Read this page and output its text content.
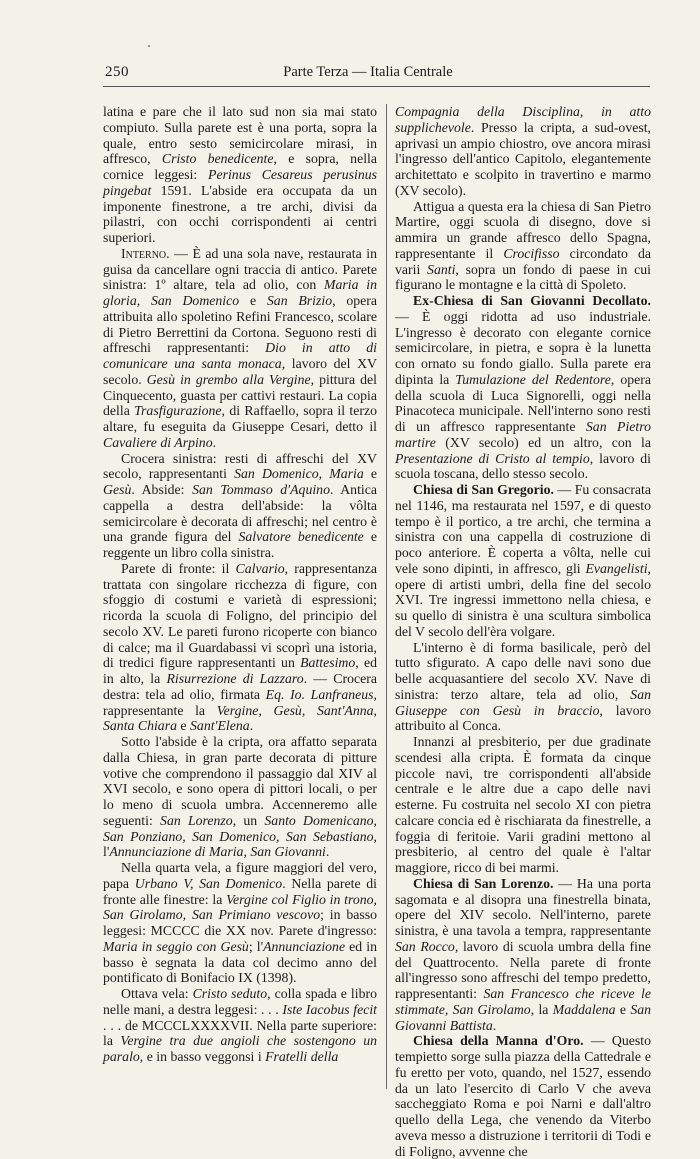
250	Parte Terza — Italia Centrale

latina e pare che il lato sud non sia mai stato compiuto. Sulla parete est è una porta, sopra la quale, entro sesto semicircolare mirasi, in affresco, Cristo benedicente, e sopra, nella cornice leggesi: Perinus Cesareus perusinus pingebat 1591. L'abside era occupata da un imponente finestrone, a tre archi, divisi da pilastri, con occhi corrispondenti ai centri superiori.

Interno. — È ad una sola nave, restaurata in guisa da cancellare ogni traccia di antico. Parete sinistra: 1º altare, tela ad olio, con Maria in gloria, San Domenico e San Brizio, opera attribuita allo spoletino Refini Francesco, scolare di Pietro Berrettini da Cortona. Seguono resti di affreschi rappresentanti: Dio in atto di comunicare una santa monaca, lavoro del XV secolo. Gesù in grembo alla Vergine, pittura del Cinquecento, guasta per cattivi restauri. La copia della Trasfigurazione, di Raffaello, sopra il terzo altare, fu eseguita da Giuseppe Cesari, detto il Cavaliere di Arpino.

Crocera sinistra: resti di affreschi del XV secolo, rappresentanti San Domenico, Maria e Gesù. Abside: San Tommaso d'Aquino. Antica cappella a destra dell'abside: la vôlta semicircolare è decorata di affreschi; nel centro è una grande figura del Salvatore benedicente e reggente un libro colla sinistra.

Parete di fronte: il Calvario, rappresentanza trattata con singolare ricchezza di figure, con sfoggio di costumi e varietà di espressioni; ricorda la scuola di Foligno, del principio del secolo XV. Le pareti furono ricoperte con bianco di calce; ma il Guardabassi vi scoprì una istoria, di tredici figure rappresentanti un Battesimo, ed in alto, la Risurrezione di Lazzaro. — Crocera destra: tela ad olio, firmata Eq. Io. Lanfraneus, rappresentante la Vergine, Gesù, Sant'Anna, Santa Chiara e Sant'Elena.

Sotto l'abside è la cripta, ora affatto separata dalla Chiesa, in gran parte decorata di pitture votive che comprendono il passaggio dal XIV al XVI secolo, e sono opera di pittori locali, o per lo meno di scuola umbra. Accenneremo alle seguenti: San Lorenzo, un Santo Domenicano, San Ponziano, San Domenico, San Sebastiano, l'Annunciazione di Maria, San Giovanni.

Nella quarta vela, a figure maggiori del vero, papa Urbano V, San Domenico. Nella parete di fronte alle finestre: la Vergine col Figlio in trono, San Girolamo, San Primiano vescovo; in basso leggesi: MCCCC die XX nov. Parete d'ingresso: Maria in seggio con Gesù; l'Annunciazione ed in basso è segnata la data col decimo anno del pontificato di Bonifacio IX (1398).

Ottava vela: Cristo seduto, colla spada e libro nelle mani, a destra leggesi: . . . Iste Iacobus fecit . . . de MCCCLXXXXVII. Nella parte superiore: la Vergine tra due angioli che sostengono un paralo, e in basso veggonsi i Fratelli della

Compagnia della Disciplina, in atto supplichevole. Presso la cripta, a sud-ovest, aprivasi un ampio chiostro, ove ancora mirasi l'ingresso dell'antico Capitolo, elegantemente architettato e scolpito in travertino e marmo (XV secolo).

Attigua a questa era la chiesa di San Pietro Martire, oggi scuola di disegno, dove si ammira un grande affresco dello Spagna, rappresentante il Crocifisso circondato da varii Santi, sopra un fondo di paese in cui figurano le montagne e la città di Spoleto.

Ex-Chiesa di San Giovanni Decollato. — È oggi ridotta ad uso industriale. L'ingresso è decorato con elegante cornice semicircolare, in pietra, e sopra è la lunetta con ornato su fondo giallo. Sulla parete era dipinta la Tumulazione del Redentore, opera della scuola di Luca Signorelli, oggi nella Pinacoteca municipale. Nell'interno sono resti di un affresco rappresentante San Pietro martire (XV secolo) ed un altro, con la Presentazione di Cristo al tempio, lavoro di scuola toscana, dello stesso secolo.

Chiesa di San Gregorio. — Fu consacrata nel 1146, ma restaurata nel 1597, e di questo tempo è il portico, a tre archi, che termina a sinistra con una cappella di costruzione di poco anteriore. È coperta a vôlta, nelle cui vele sono dipinti, in affresco, gli Evangelisti, opere di artisti umbri, della fine del secolo XVI. Tre ingressi immettono nella chiesa, e su quello di sinistra è una scultura simbolica del V secolo dell'èra volgare.

L'interno è di forma basilicale, però del tutto sfigurato. A capo delle navi sono due belle acquasantiere del secolo XV. Nave di sinistra: terzo altare, tela ad olio, San Giuseppe con Gesù in braccio, lavoro attribuito al Conca.

Innanzi al presbiterio, per due gradinate scendesi alla cripta. È formata da cinque piccole navi, tre corrispondenti all'abside centrale e le altre due a capo delle navi esterne. Fu costruita nel secolo XI con pietra calcare concia ed è rischiarata da finestrelle, a foggia di feritoie. Varii gradini mettono al presbiterio, al centro del quale è l'altar maggiore, ricco di bei marmi.

Chiesa di San Lorenzo. — Ha una porta sagomata e al disopra una finestrella binata, opere del XIV secolo. Nell'interno, parete sinistra, è una tavola a tempra, rappresentante San Rocco, lavoro di scuola umbra della fine del Quattrocento. Nella parete di fronte all'ingresso sono affreschi del tempo predetto, rappresentanti: San Francesco che riceve le stimmate, San Girolamo, la Maddalena e San Giovanni Battista.

Chiesa della Manna d'Oro. — Questo tempietto sorge sulla piazza della Cattedrale e fu eretto per voto, quando, nel 1527, essendo da un lato l'esercito di Carlo V che aveva saccheggiato Roma e poi Narni e dall'altro quello della Lega, che venendo da Viterbo aveva messo a distruzione i territorii di Todi e di Foligno, avvenne che
